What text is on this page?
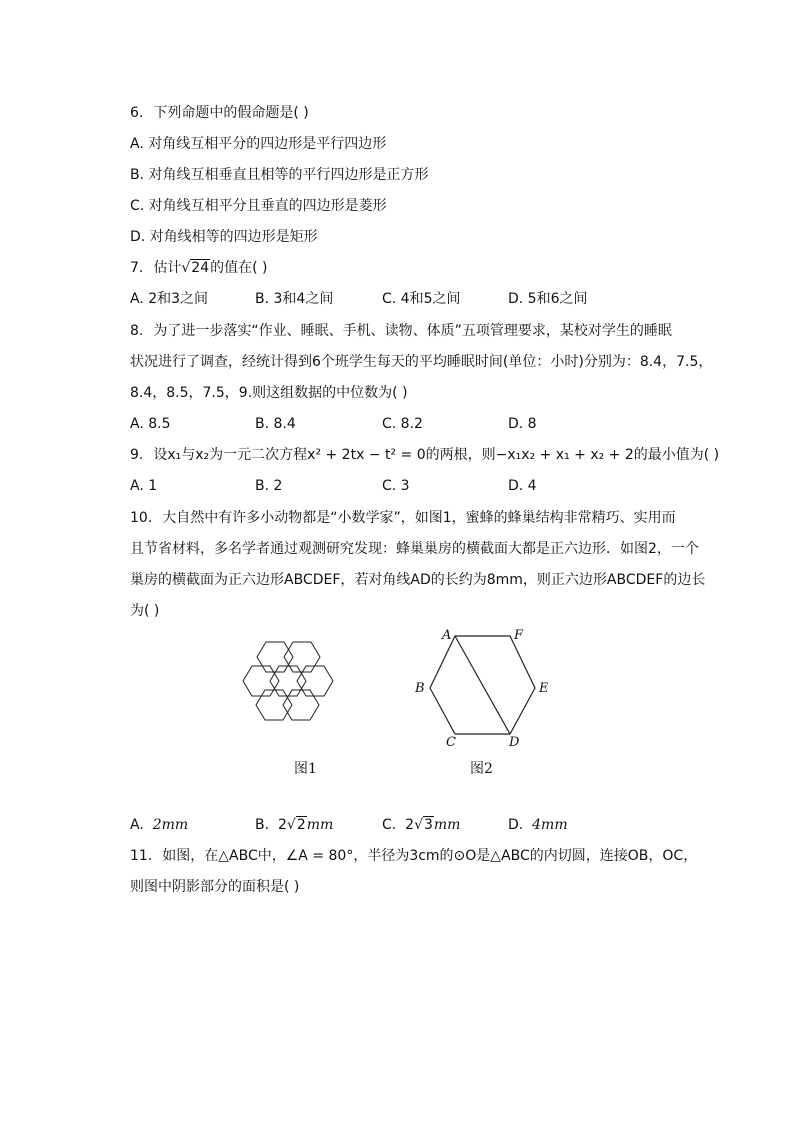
6. 下列命题中的假命题是( )
A. 对角线互相平分的四边形是平行四边形
B. 对角线互相垂直且相等的平行四边形是正方形
C. 对角线互相平分且垂直的四边形是菱形
D. 对角线相等的四边形是矩形
7. 估计√24的值在( )
A. 2和3之间	B. 3和4之间	C. 4和5之间	D. 5和6之间
8. 为了进一步落实“作业、睡眠、手机、读物、体质”五项管理要求，某校对学生的睡眠
状况进行了调查，经统计得到6个班学生每天的平均睡眠时间(单位：小时)分别为：8.4，7.5，
8.4，8.5，7.5，9.则这组数据的中位数为( )
A. 8.5	B. 8.4	C. 8.2	D. 8
9. 设x₁与x₂为一元二次方程x² + 2tx − t² = 0的两根，则−x₁x₂ + x₁ + x₂ + 2的最小值为( )
A. 1	B. 2	C. 3	D. 4
10. 大自然中有许多小动物都是“小数学家”，如图1，蜜蜂的蜂巢结构非常精巧、实用而
且节省材料，多名学者通过观测研究发现：蜂巢巢房的横截面大都是正六边形．如图2，一个
巢房的横截面为正六边形ABCDEF，若对角线AD的长约为8mm，则正六边形ABCDEF的边长
为( )
图1
A	F
B	E
C	D
图2
A. 2mm	B. 2√2mm	C. 2√3mm	D. 4mm
11. 如图，在△ABC中，∠A = 80°，半径为3cm的⊙O是△ABC的内切圆，连接OB，OC，
则图中阴影部分的面积是( )
